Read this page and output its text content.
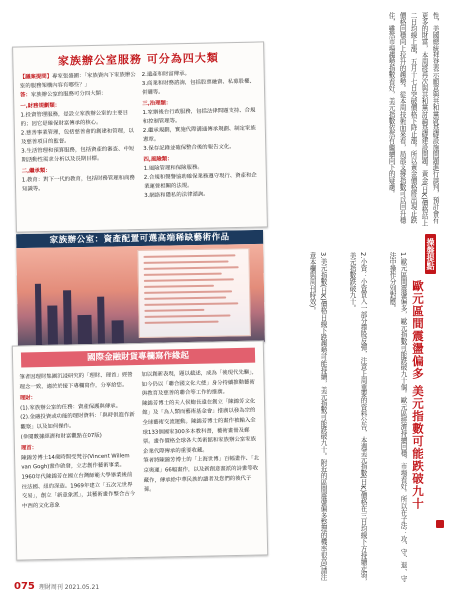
家族辦公室服務 可分為四大類
【議案提問】專家張盛團：「家族資內下家族辦公室的服務架構內容有哪些？」
答：家族辦公室的服務可分四大類：
一,財務規劃類：
1.投資管理服務，是設立家族辦公室的主要目的；因它是確保財富傳承的核心。
2.慈善事業管理，包括慈善會的創建和管理，以及慈善項目的監督。
3.生活管理和預算服務，包括資產的審查、中短期活動性需求分析以及長期目標。
二,繼承類：
1.教育：對下一代的教育，包括財務管理和商務知識等。
2.遺產和財富傳承。
3.商業和財務諮詢，包括股票融資、私募股權、併購等。
三,治理類：
1.家辦後台行政服務，包括法律問題支持、合規和控制管理等。
2.繼承規劃，實施代際溝通傳承規劃、制定家族憲章。
3.保存記錄並確保整合後的報告文化。
四,風險類：
1.風險管理和保險服務。
2.合規和聲譽協助確保業務遵守現行、資產和企業運營相關的法規。
3.網絡和隱私的法律諮詢。
家族辦公室：資產配置可選高端稀缺藝術作品
國際金融財貨專欄寫作緣起
筆者因理財集團沉浸研究的「理財、理首」經營理念一致，適於於接下專欄寫作，分享給您。
理財：
(1).家族辦公室的任務：資產保護與傳承。
(2).金融投資或功能的理財資料：「與時俱進作新觀察」以及如何操作。
(參閱數據經濟和財富觀點在07版)
理首：
陳錦芳博士14歲時開受梵谷(Vincent Willem van Gogh)畫作啟發，立志創作藝術事業。1960年代陳錦芳在國立台灣師範大學畢業後前往法國、紐約深造。1969年建立「五次元世界交易」，創立「新意象派」，其藝術畫作整合古今中西的文化意象
加以創新表現，題以截述，成為「後現代先驅」，如今仍以「聯合國文化大使」身分持續推動藝術與教育及慈善的聯合等工作的推廣。
陳錦芳博士的夫人侯鮑長遠在創立「陳錦芳文化館」及「為人類而藝術基金會」推廣以發為宗的全球藝術交流運動。陳錦芳博士的畫作被輸入全球133個國家300多本教科書，藝術畫冊及郵票。畫作價格全球各大美術館和家族辦公室家族企業代際傳承的重要收藏。
筆者將陳錦芳博士的「上海世博」百幅畫作、「北京奧運」66幅畫作，以及新創意畫派的詩畫等收藏作，傳承給中華民族的讀者及您們的後代子孫。
性，美國總統拜登表示願意與共和黨就基礎設施問題進行談判，預計會有更多的財富，本周將再次與共和黨討論基礎建設問題。黃金(日K)價格站上二日均線上漲，五月十七日突破價格下降止漲。所以黃金價格將出現止跌價格回穩向上拉升的趨勢。從本周技術面來看，局部支撐指數可以回升穩住，雖然市場趨勢指數看好，美元指數依然有繼續向下的疑慮。
操盤提點
歐元區間震盪偏多 美元指數可能跌破九十
1.歐元區間震盪偏多，歐元指數可能跌破九十個。歐元區經濟持續回穩，市場看好。所以在子法：攻、守、退、守法中操作分別對應。
2.小資：小資買入一部分擇股反彈，注意上周重要的資料公告，本週美元指數(日K)價格在三日均線下方持續走弱，美元指數跌破九十。
3.美元指數(日K)價格日線下跌趨勢可能持續，美元指數可能跌破九十。附近的區間震盪偏多整理的機率很高(請注意本欄與周刊時效)。
075 理財周刊 2021.05.21
